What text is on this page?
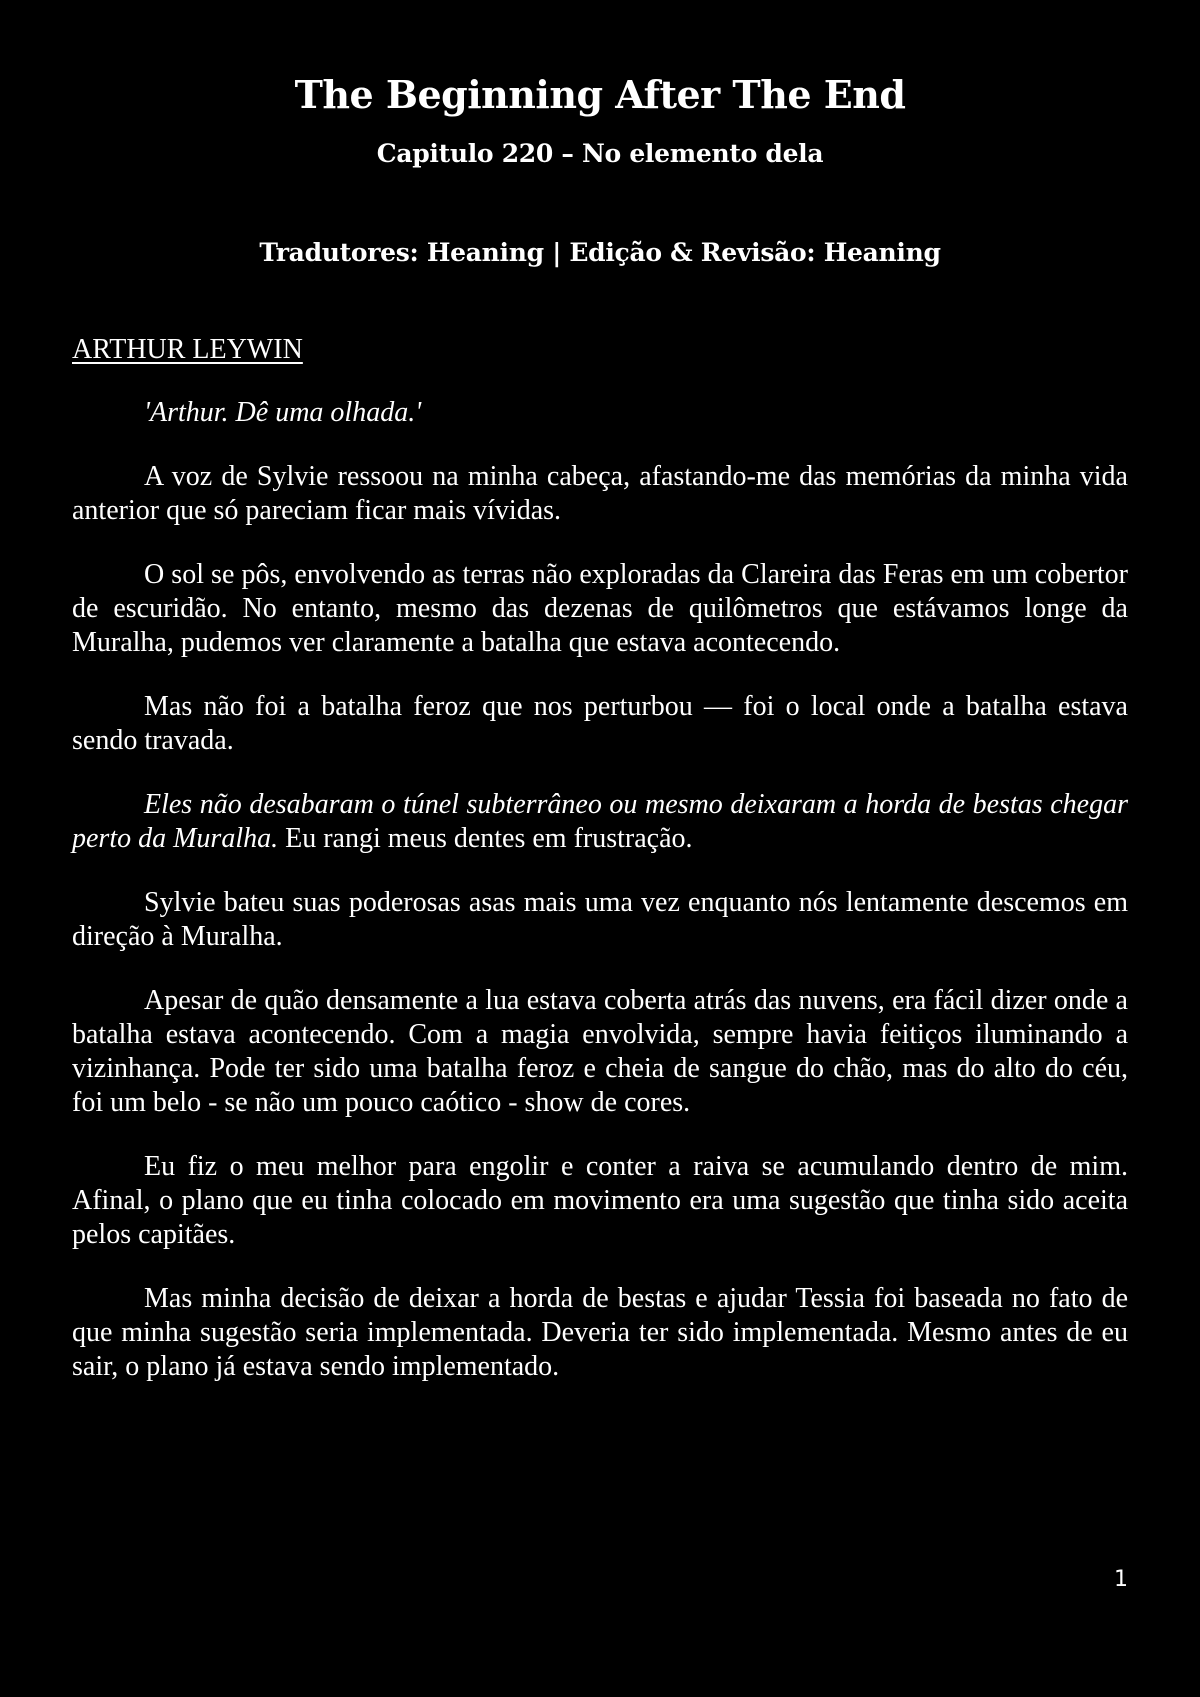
The Beginning After The End
Capitulo 220 – No elemento dela
Tradutores: Heaning | Edição & Revisão: Heaning
ARTHUR LEYWIN

'Arthur. Dê uma olhada.'

A voz de Sylvie ressoou na minha cabeça, afastando-me das memórias da minha vida anterior que só pareciam ficar mais vívidas.

O sol se pôs, envolvendo as terras não exploradas da Clareira das Feras em um cobertor de escuridão. No entanto, mesmo das dezenas de quilômetros que estávamos longe da Muralha, pudemos ver claramente a batalha que estava acontecendo.

Mas não foi a batalha feroz que nos perturbou — foi o local onde a batalha estava sendo travada.

Eles não desabaram o túnel subterrâneo ou mesmo deixaram a horda de bestas chegar perto da Muralha. Eu rangi meus dentes em frustração.

Sylvie bateu suas poderosas asas mais uma vez enquanto nós lentamente descemos em direção à Muralha.

Apesar de quão densamente a lua estava coberta atrás das nuvens, era fácil dizer onde a batalha estava acontecendo. Com a magia envolvida, sempre havia feitiços iluminando a vizinhança. Pode ter sido uma batalha feroz e cheia de sangue do chão, mas do alto do céu, foi um belo - se não um pouco caótico - show de cores.

Eu fiz o meu melhor para engolir e conter a raiva se acumulando dentro de mim. Afinal, o plano que eu tinha colocado em movimento era uma sugestão que tinha sido aceita pelos capitães.

Mas minha decisão de deixar a horda de bestas e ajudar Tessia foi baseada no fato de que minha sugestão seria implementada. Deveria ter sido implementada. Mesmo antes de eu sair, o plano já estava sendo implementado.

1
